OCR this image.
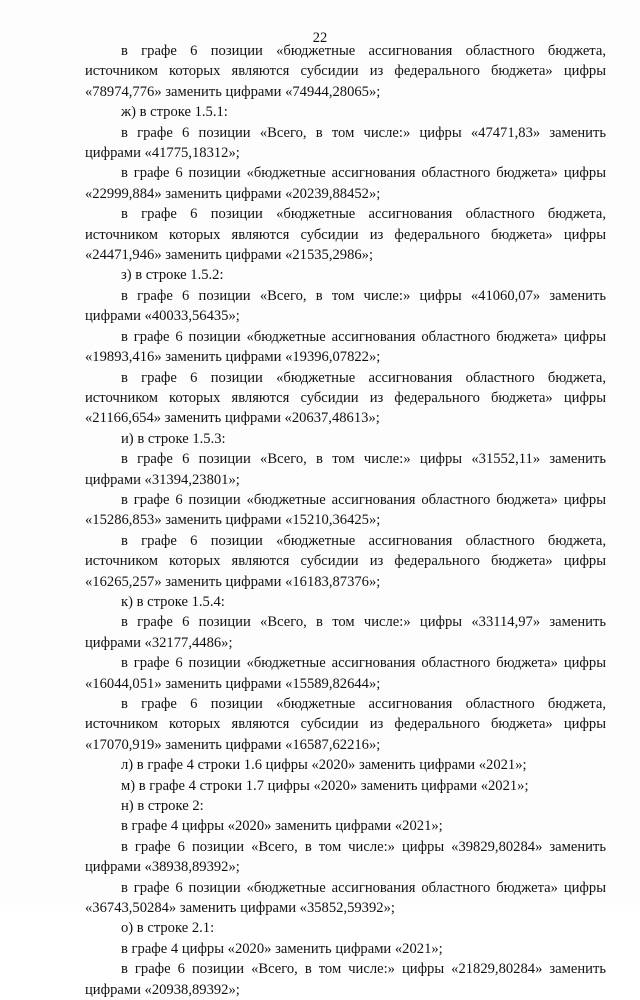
22

в графе 6 позиции «бюджетные ассигнования областного бюджета, источником которых являются субсидии из федерального бюджета» цифры «78974,776» заменить цифрами «74944,28065»;

ж) в строке 1.5.1:

в графе 6 позиции «Всего, в том числе:» цифры «47471,83» заменить цифрами «41775,18312»;

в графе 6 позиции «бюджетные ассигнования областного бюджета» цифры «22999,884» заменить цифрами «20239,88452»;

в графе 6 позиции «бюджетные ассигнования областного бюджета, источником которых являются субсидии из федерального бюджета» цифры «24471,946» заменить цифрами «21535,2986»;

з) в строке 1.5.2:

в графе 6 позиции «Всего, в том числе:» цифры «41060,07» заменить цифрами «40033,56435»;

в графе 6 позиции «бюджетные ассигнования областного бюджета» цифры «19893,416» заменить цифрами «19396,07822»;

в графе 6 позиции «бюджетные ассигнования областного бюджета, источником которых являются субсидии из федерального бюджета» цифры «21166,654» заменить цифрами «20637,48613»;

и) в строке 1.5.3:

в графе 6 позиции «Всего, в том числе:» цифры «31552,11» заменить цифрами «31394,23801»;

в графе 6 позиции «бюджетные ассигнования областного бюджета» цифры «15286,853» заменить цифрами «15210,36425»;

в графе 6 позиции «бюджетные ассигнования областного бюджета, источником которых являются субсидии из федерального бюджета» цифры «16265,257» заменить цифрами «16183,87376»;

к) в строке 1.5.4:

в графе 6 позиции «Всего, в том числе:» цифры «33114,97» заменить цифрами «32177,4486»;

в графе 6 позиции «бюджетные ассигнования областного бюджета» цифры «16044,051» заменить цифрами «15589,82644»;

в графе 6 позиции «бюджетные ассигнования областного бюджета, источником которых являются субсидии из федерального бюджета» цифры «17070,919» заменить цифрами «16587,62216»;

л) в графе 4 строки 1.6 цифры «2020» заменить цифрами «2021»;

м) в графе 4 строки 1.7 цифры «2020» заменить цифрами «2021»;

н) в строке 2:

в графе 4 цифры «2020» заменить цифрами «2021»;

в графе 6 позиции «Всего, в том числе:» цифры «39829,80284» заменить цифрами «38938,89392»;

в графе 6 позиции «бюджетные ассигнования областного бюджета» цифры «36743,50284» заменить цифрами «35852,59392»;

о) в строке 2.1:

в графе 4 цифры «2020» заменить цифрами «2021»;

в графе 6 позиции «Всего, в том числе:» цифры «21829,80284» заменить цифрами «20938,89392»;
